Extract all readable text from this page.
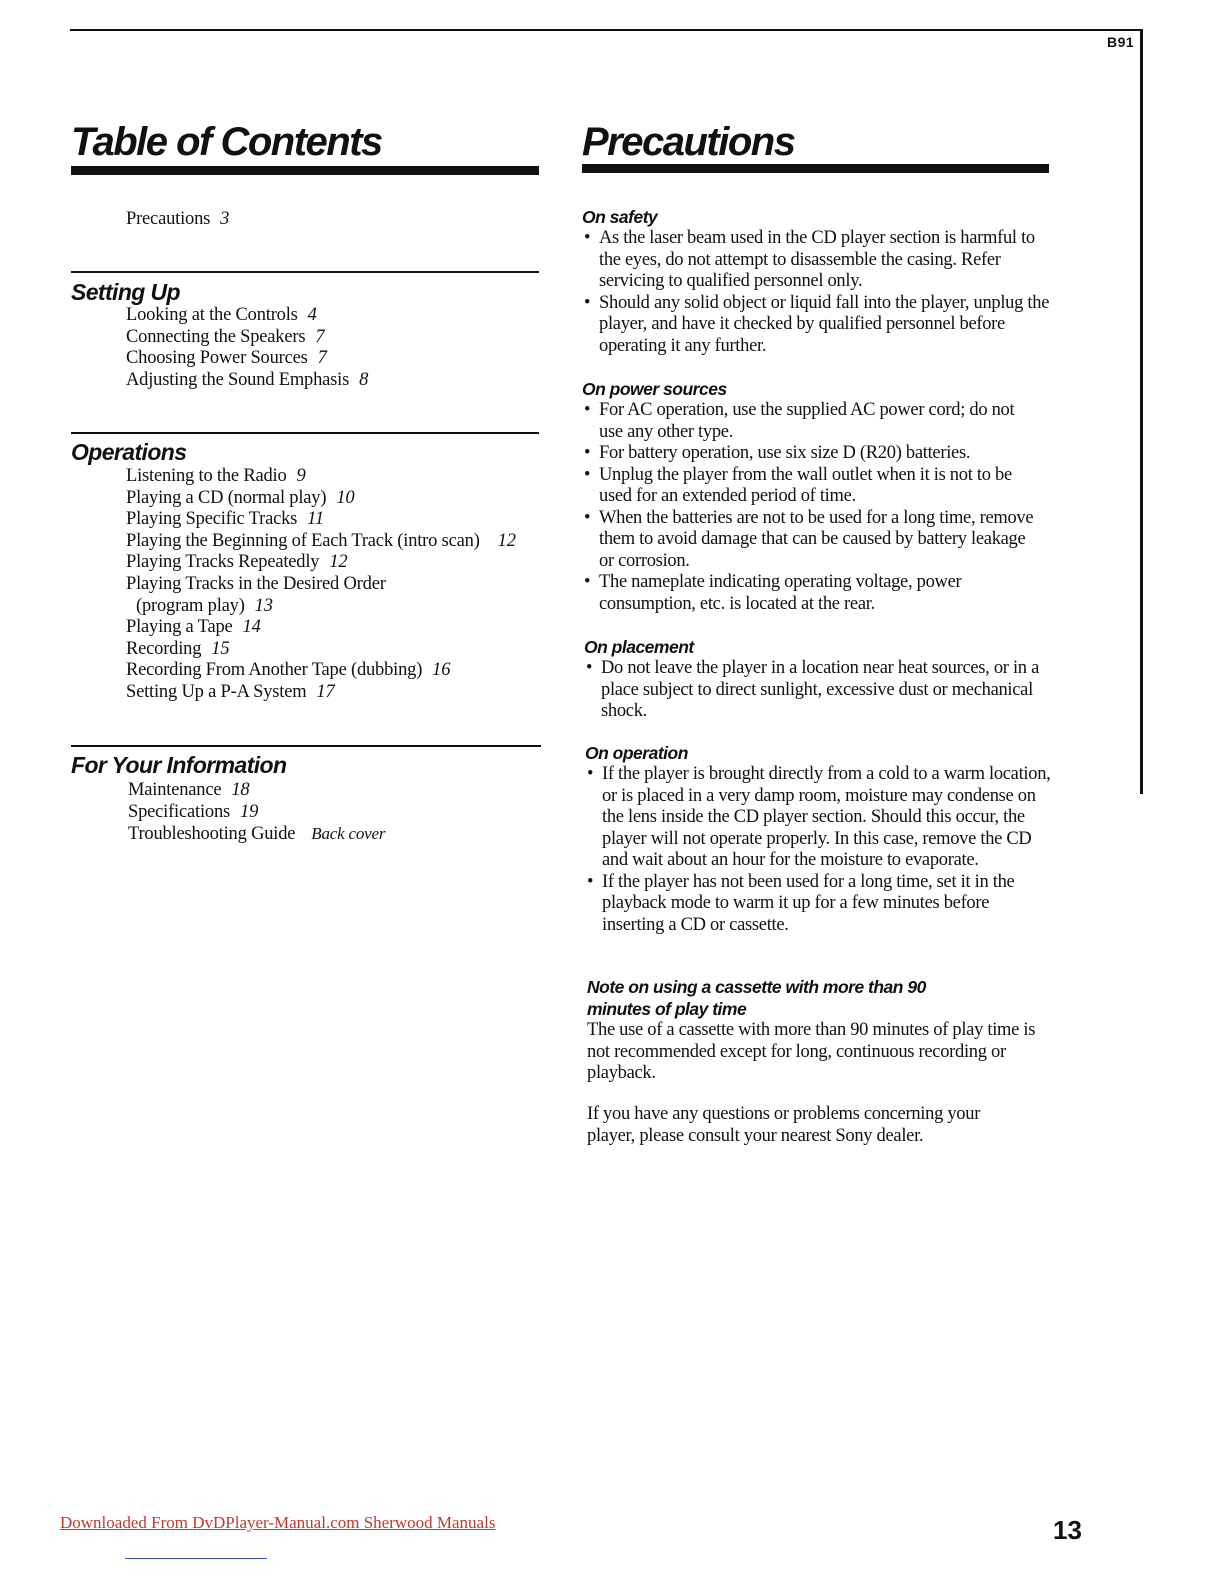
B91
Table of Contents
Precautions 3
Setting Up
Looking at the Controls 4
Connecting the Speakers 7
Choosing Power Sources 7
Adjusting the Sound Emphasis 8
Operations
Listening to the Radio 9
Playing a CD (normal play) 10
Playing Specific Tracks 11
Playing the Beginning of Each Track (intro scan) 12
Playing Tracks Repeatedly 12
Playing Tracks in the Desired Order
(program play) 13
Playing a Tape 14
Recording 15
Recording From Another Tape (dubbing) 16
Setting Up a P-A System 17
For Your Information
Maintenance 18
Specifications 19
Troubleshooting Guide Back cover
Precautions
On safety
• As the laser beam used in the CD player section is harmful to the eyes, do not attempt to disassemble the casing. Refer servicing to qualified personnel only.
• Should any solid object or liquid fall into the player, unplug the player, and have it checked by qualified personnel before operating it any further.
On power sources
• For AC operation, use the supplied AC power cord; do not use any other type.
• For battery operation, use six size D (R20) batteries.
• Unplug the player from the wall outlet when it is not to be used for an extended period of time.
• When the batteries are not to be used for a long time, remove them to avoid damage that can be caused by battery leakage or corrosion.
• The nameplate indicating operating voltage, power consumption, etc. is located at the rear.
On placement
• Do not leave the player in a location near heat sources, or in a place subject to direct sunlight, excessive dust or mechanical shock.
On operation
• If the player is brought directly from a cold to a warm location, or is placed in a very damp room, moisture may condense on the lens inside the CD player section. Should this occur, the player will not operate properly. In this case, remove the CD and wait about an hour for the moisture to evaporate.
• If the player has not been used for a long time, set it in the playback mode to warm it up for a few minutes before inserting a CD or cassette.
Note on using a cassette with more than 90
minutes of play time

The use of a cassette with more than 90 minutes of play time is not recommended except for long, continuous recording or playback.

If you have any questions or problems concerning your player, please consult your nearest Sony dealer.

Downloaded From DvDPlayer-Manual.com Sherwood Manuals	13
